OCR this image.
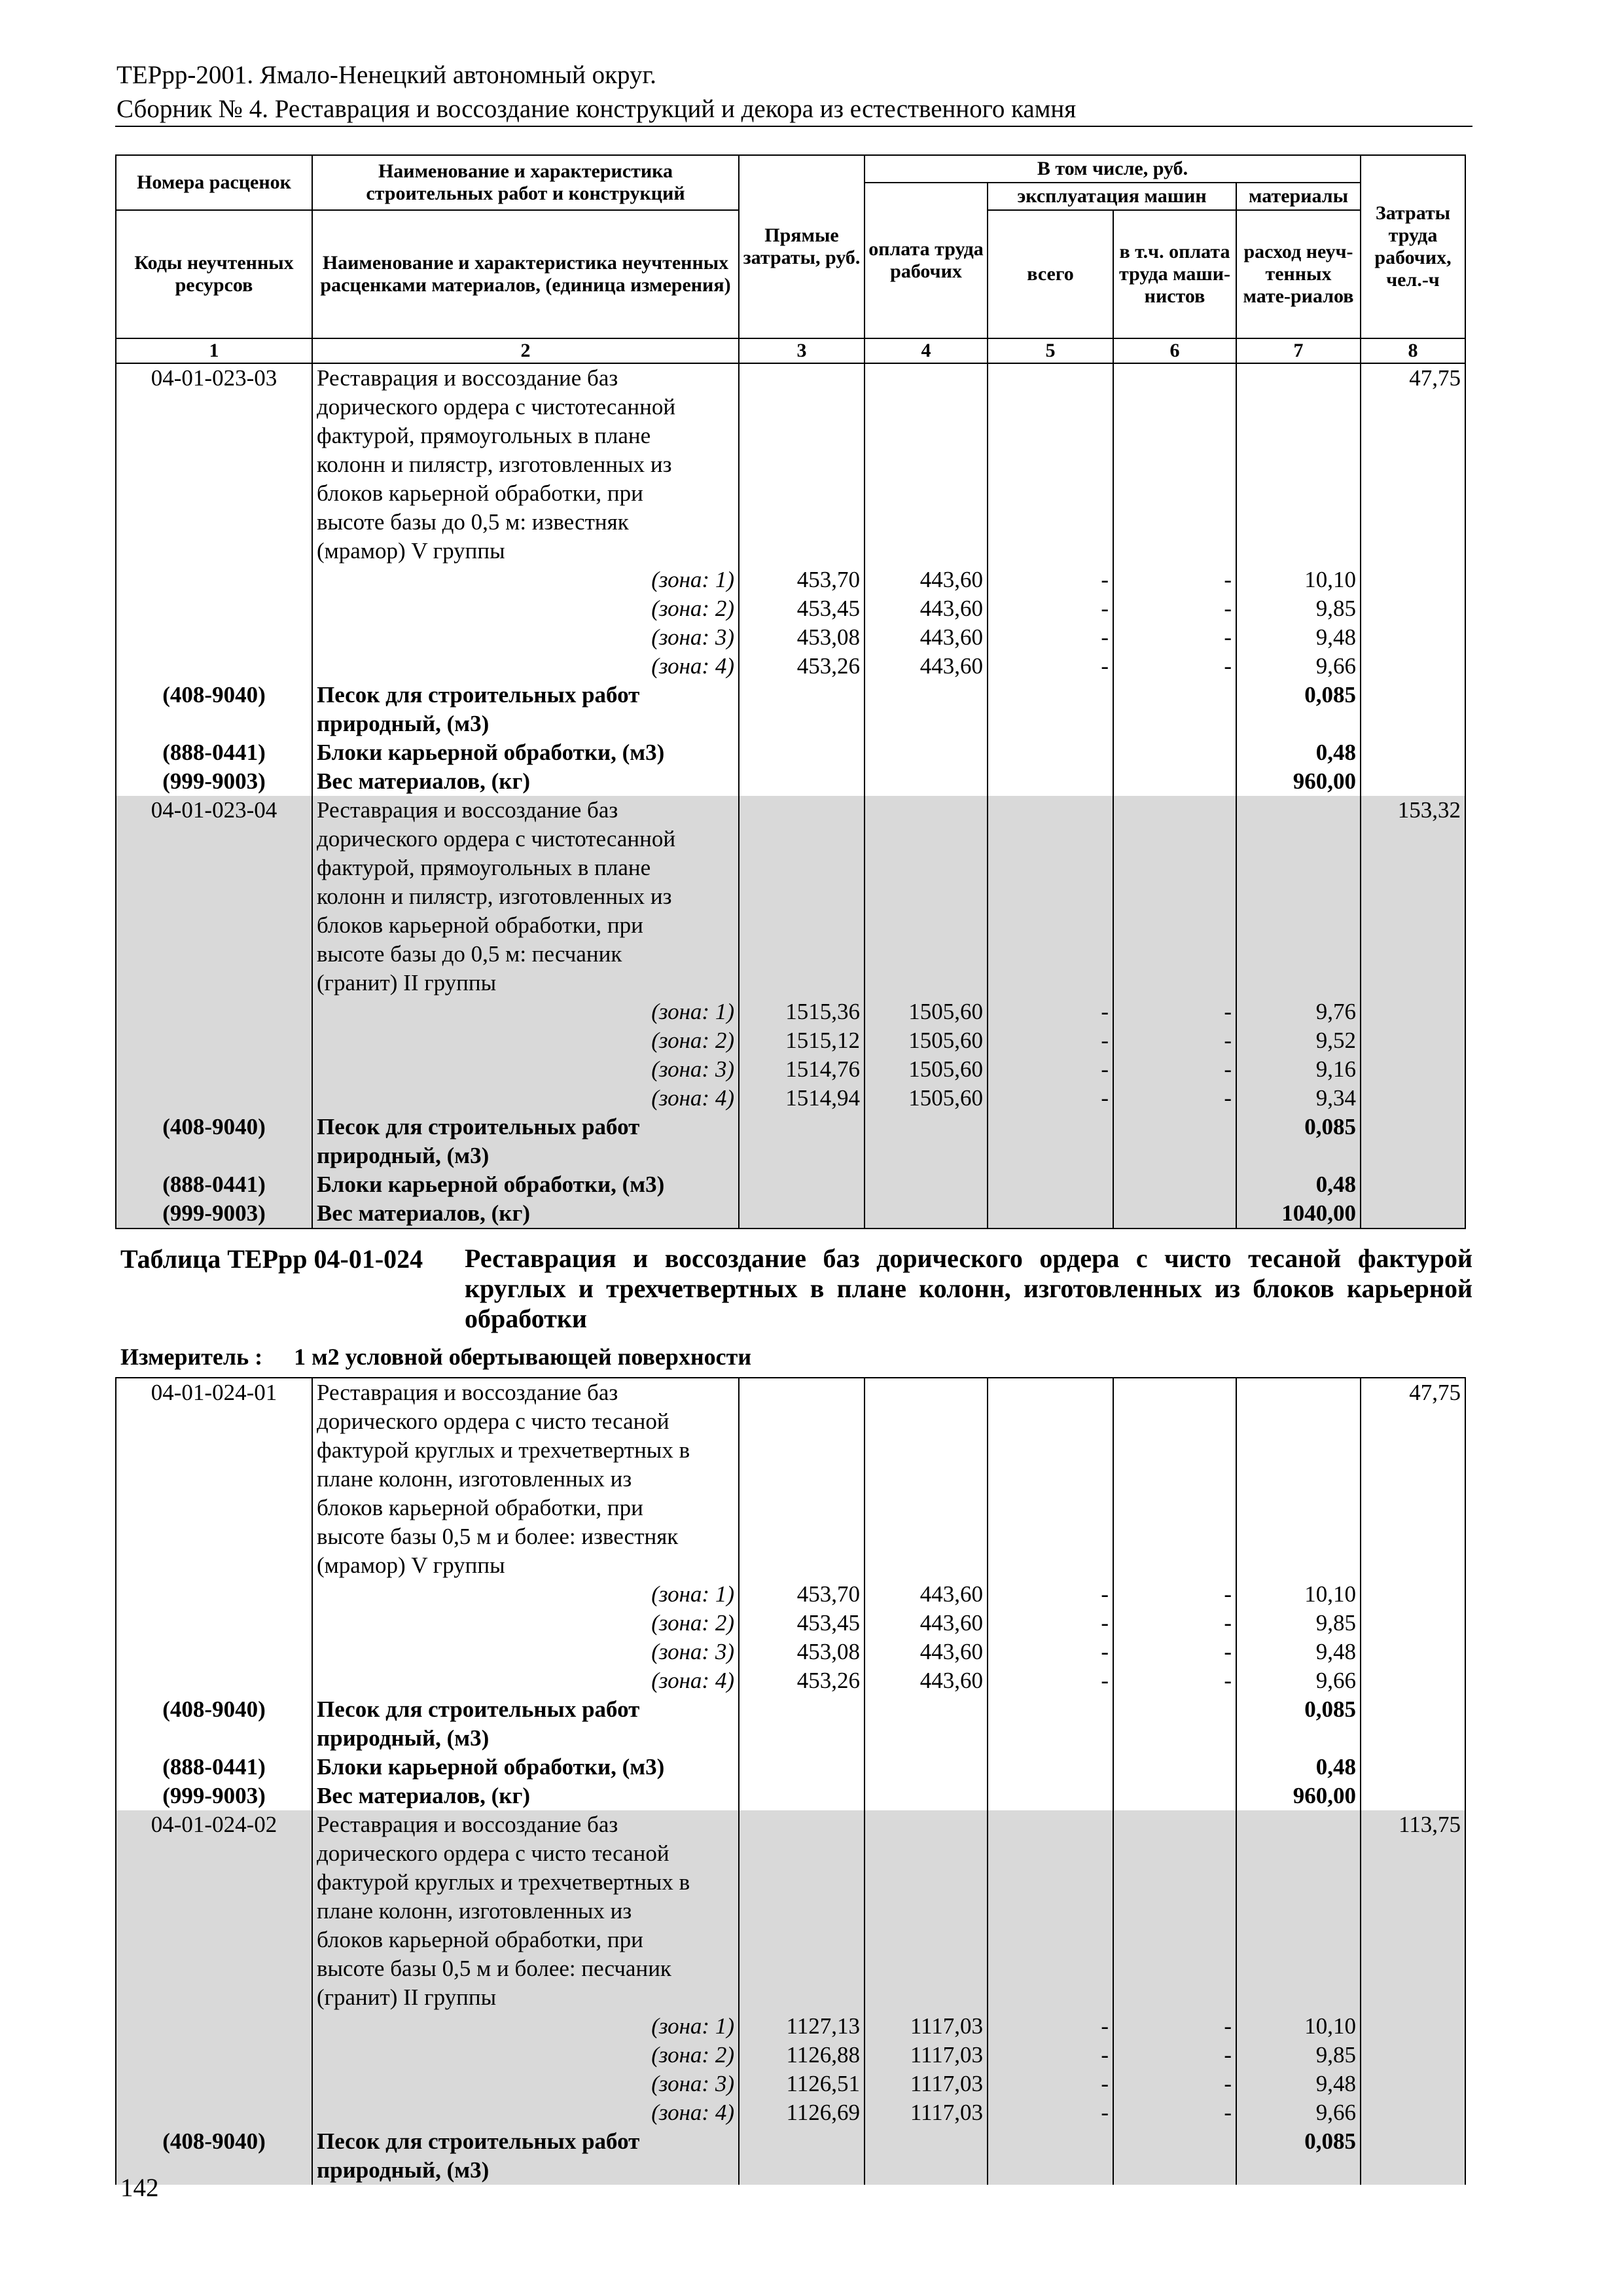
ТЕРрр-2001. Ямало-Ненецкий автономный округ.
Сборник № 4. Реставрация и воссоздание конструкций и декора из естественного камня
Номера расценок	Наименование и характеристика строительных работ и конструкций	Прямые затраты, руб.	В том числе, руб.				Затраты труда рабочих, чел.-ч
			оплата труда рабочих	эксплуатация машин		материалы	
Коды неучтенных ресурсов	Наименование и характеристика неучтенных расценками материалов, (единица измерения)			всего	в т.ч. оплата труда маши-нистов	расход неуч-тенных мате-риалов	
1	2	3	4	5	6	7	8
04-01-023-03	Реставрация и воссоздание баз						47,75
	дорического ордера с чистотесанной						
	фактурой, прямоугольных в плане						
	колонн и пилястр, изготовленных из						
	блоков карьерной обработки, при						
	высоте базы до 0,5 м: известняк						
	(мрамор) V группы						
	(зона: 1)	453,70	443,60	-	-	10,10	
	(зона: 2)	453,45	443,60	-	-	9,85	
	(зона: 3)	453,08	443,60	-	-	9,48	
	(зона: 4)	453,26	443,60	-	-	9,66	
(408-9040)	Песок для строительных работ					0,085	
	природный, (м3)						
(888-0441)	Блоки карьерной обработки, (м3)					0,48	
(999-9003)	Вес материалов, (кг)					960,00	
04-01-023-04	Реставрация и воссоздание баз						153,32
	дорического ордера с чистотесанной						
	фактурой, прямоугольных в плане						
	колонн и пилястр, изготовленных из						
	блоков карьерной обработки, при						
	высоте базы до 0,5 м: песчаник						
	(гранит) II группы						
	(зона: 1)	1515,36	1505,60	-	-	9,76	
	(зона: 2)	1515,12	1505,60	-	-	9,52	
	(зона: 3)	1514,76	1505,60	-	-	9,16	
	(зона: 4)	1514,94	1505,60	-	-	9,34	
(408-9040)	Песок для строительных работ					0,085	
	природный, (м3)						
(888-0441)	Блоки карьерной обработки, (м3)					0,48	
(999-9003)	Вес материалов, (кг)					1040,00	
Таблица ТЕРрр 04-01-024 Реставрация и воссоздание баз дорического ордера с чисто тесаной фактурой круглых и трехчетвертных в плане колонн, изготовленных из блоков карьерной обработки
Измеритель : 1 м2 условной обертывающей поверхности
04-01-024-01	Реставрация и воссоздание баз						47,75
	дорического ордера с чисто тесаной						
	фактурой круглых и трехчетвертных в						
	плане колонн, изготовленных из						
	блоков карьерной обработки, при						
	высоте базы 0,5 м и более: известняк						
	(мрамор) V группы						
	(зона: 1)	453,70	443,60	-	-	10,10	
	(зона: 2)	453,45	443,60	-	-	9,85	
	(зона: 3)	453,08	443,60	-	-	9,48	
	(зона: 4)	453,26	443,60	-	-	9,66	
(408-9040)	Песок для строительных работ					0,085	
	природный, (м3)						
(888-0441)	Блоки карьерной обработки, (м3)					0,48	
(999-9003)	Вес материалов, (кг)					960,00	
04-01-024-02	Реставрация и воссоздание баз						113,75
	дорического ордера с чисто тесаной						
	фактурой круглых и трехчетвертных в						
	плане колонн, изготовленных из						
	блоков карьерной обработки, при						
	высоте базы 0,5 м и более: песчаник						
	(гранит) II группы						
	(зона: 1)	1127,13	1117,03	-	-	10,10	
	(зона: 2)	1126,88	1117,03	-	-	9,85	
	(зона: 3)	1126,51	1117,03	-	-	9,48	
	(зона: 4)	1126,69	1117,03	-	-	9,66	
(408-9040)	Песок для строительных работ					0,085	
	природный, (м3)						
142
